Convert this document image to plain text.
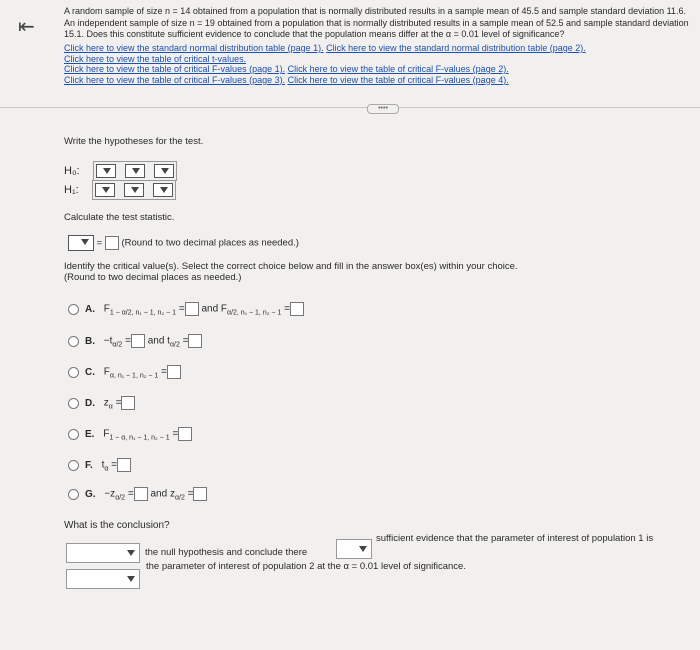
⇤
A random sample of size n = 14 obtained from a population that is normally distributed results in a sample mean of 45.5 and sample standard deviation 11.6. An independent sample of size n = 19 obtained from a population that is normally distributed results in a sample mean of 52.5 and sample standard deviation 15.1. Does this constitute sufficient evidence to conclude that the population means differ at the α = 0.01 level of significance?
Click here to view the standard normal distribution table (page 1). Click here to view the standard normal distribution table (page 2).
Click here to view the table of critical t-values.
Click here to view the table of critical F-values (page 1). Click here to view the table of critical F-values (page 2).
Click here to view the table of critical F-values (page 3). Click here to view the table of critical F-values (page 4).
••••
Write the hypotheses for the test.
H₀:
H₁:
Calculate the test statistic.
= (Round to two decimal places as needed.)
Identify the critical value(s). Select the correct choice below and fill in the answer box(es) within your choice.
(Round to two decimal places as needed.)
A. $F_{1 - \alpha/2, n_1 - 1, n_2 - 1}$ = and $F_{\alpha/2, n_1 - 1, n_2 - 1}$ =
B. $-t_{\alpha/2}$ = and $t_{\alpha/2}$ =
C. $F_{\alpha, n_1 - 1, n_2 - 1}$ =
D. $z_\alpha$ =
E. $F_{1 - \alpha, n_1 - 1, n_2 - 1}$ =
F. $t_\alpha$ =
G. $-z_{\alpha/2}$ = and $z_{\alpha/2}$ =
What is the conclusion?
the null hypothesis and conclude there
sufficient evidence that the parameter of interest of population 1 is
the parameter of interest of population 2 at the α = 0.01 level of significance.
